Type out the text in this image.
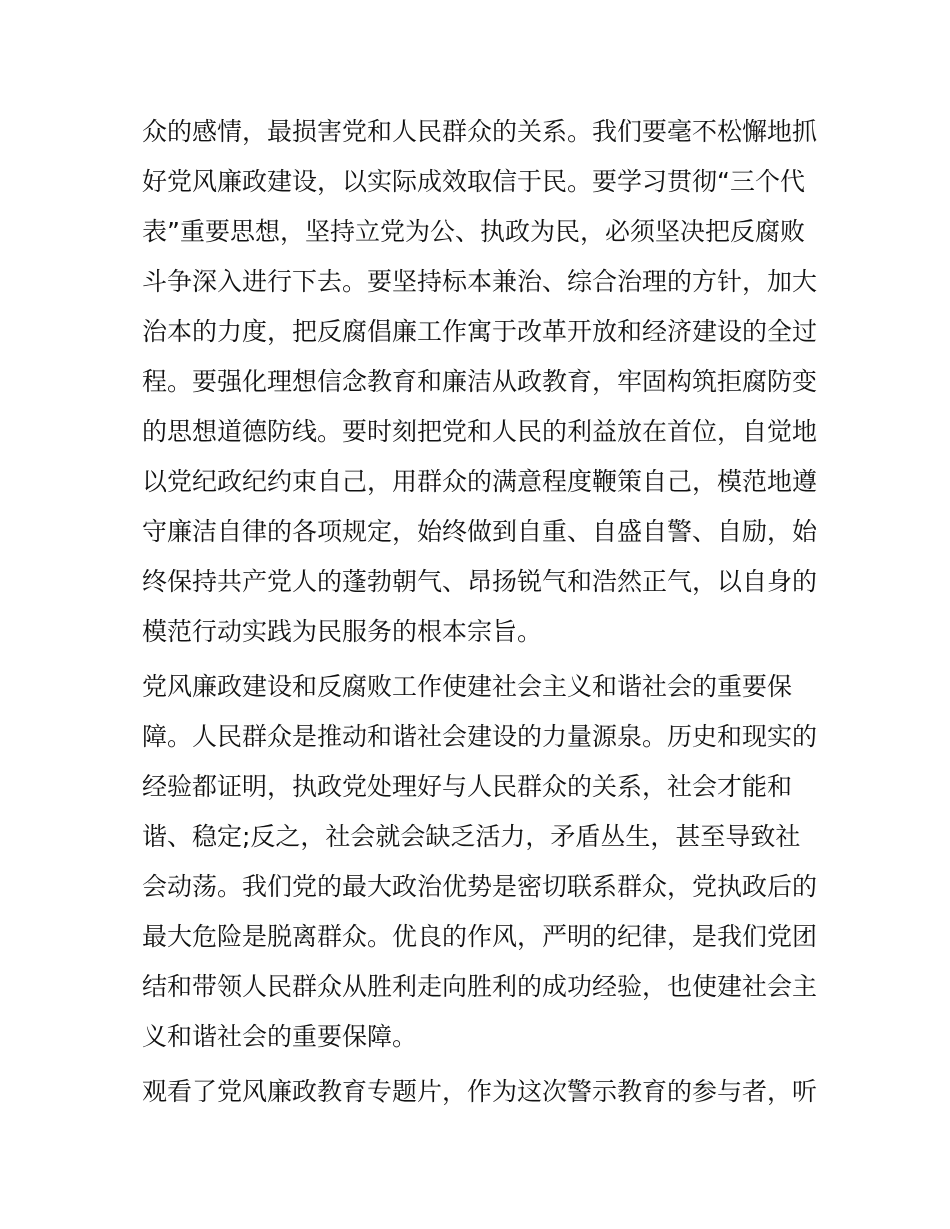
众的感情，最损害党和人民群众的关系。我们要毫不松懈地抓
好党风廉政建设，以实际成效取信于民。要学习贯彻“三个代
表”重要思想，坚持立党为公、执政为民，必须坚决把反腐败
斗争深入进行下去。要坚持标本兼治、综合治理的方针，加大
治本的力度，把反腐倡廉工作寓于改革开放和经济建设的全过
程。要强化理想信念教育和廉洁从政教育，牢固构筑拒腐防变
的思想道德防线。要时刻把党和人民的利益放在首位，自觉地
以党纪政纪约束自己，用群众的满意程度鞭策自己，模范地遵
守廉洁自律的各项规定，始终做到自重、自盛自警、自励，始
终保持共产党人的蓬勃朝气、昂扬锐气和浩然正气，以自身的
模范行动实践为民服务的根本宗旨。
党风廉政建设和反腐败工作使建社会主义和谐社会的重要保
障。人民群众是推动和谐社会建设的力量源泉。历史和现实的
经验都证明，执政党处理好与人民群众的关系，社会才能和
谐、稳定;反之，社会就会缺乏活力，矛盾丛生，甚至导致社
会动荡。我们党的最大政治优势是密切联系群众，党执政后的
最大危险是脱离群众。优良的作风，严明的纪律，是我们党团
结和带领人民群众从胜利走向胜利的成功经验，也使建社会主
义和谐社会的重要保障。
观看了党风廉政教育专题片，作为这次警示教育的参与者，听
